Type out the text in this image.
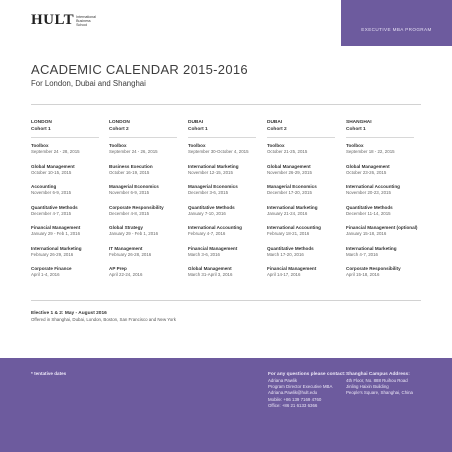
HULT International
Business
School
EXECUTIVE MBA PROGRAM
ACADEMIC CALENDAR 2015-2016
For London, Dubai and Shanghai
LONDON
Cohort 1
Toolbox
September 24 - 28, 2015
Global Management
October 10-15, 2015
Accounting
November 6-9, 2015
Quantitative Methods
December 4-7, 2015
Financial Management
January 29 - Feb 1, 2016
International Marketing
February 26-29, 2016
Corporate Finance
April 1-4, 2016
LONDON
Cohort 2
Toolbox
September 24 - 26, 2015
Business Execution
October 16-19, 2015
Managerial Economics
November 6-9, 2015
Corporate Responsibility
December 4-8, 2015
Global Strategy
January 29 - Feb 1, 2016
IT Management
February 26-28, 2016
AP Prep
April 22-24, 2016
DUBAI
Cohort 1
Toolbox
September 30-October 4, 2015
International Marketing
November 12-15, 2015
Managerial Economics
December 3-6, 2015
Quantitative Methods
January 7-10, 2016
International Accounting
February 4-7, 2016
Financial Management
March 3-6, 2016
Global Management
March 31-April 3, 2016
DUBAI
Cohort 2
Toolbox
October 21-25, 2015
Global Management
November 26-29, 2015
Managerial Economics
December 17-20, 2015
International Marketing
January 21-24, 2016
International Accounting
February 18-21, 2016
Quantitative Methods
March 17-20, 2016
Financial Management
April 14-17, 2016
SHANGHAI
Cohort 1
Toolbox
September 18 - 22, 2015
Global Management
October 23-26, 2015
International Accounting
November 20-23, 2015
Quantitative Methods
December 11-14, 2015
Financial Management (optional)
January 15-18, 2016
International Marketing
March 4-7, 2016
Corporate Responsibility
April 15-18, 2016
Elective 1 & 2: May - August 2016
Offered in Shanghai, Dubai, London, Boston, San Francisco and New York
* tentative dates	For any questions please contact:
Adriana Pawlik
Program Director Executive MBA
Adriana.Pawlik@hult.edu
Mobile: +86 139 7169 4760
Office: +86 21 6133 6366
Shanghai Campus Address:
4th Floor, No. 888 Ruihou Road
Jinling Haixin Building
People's Square, Shanghai, China
